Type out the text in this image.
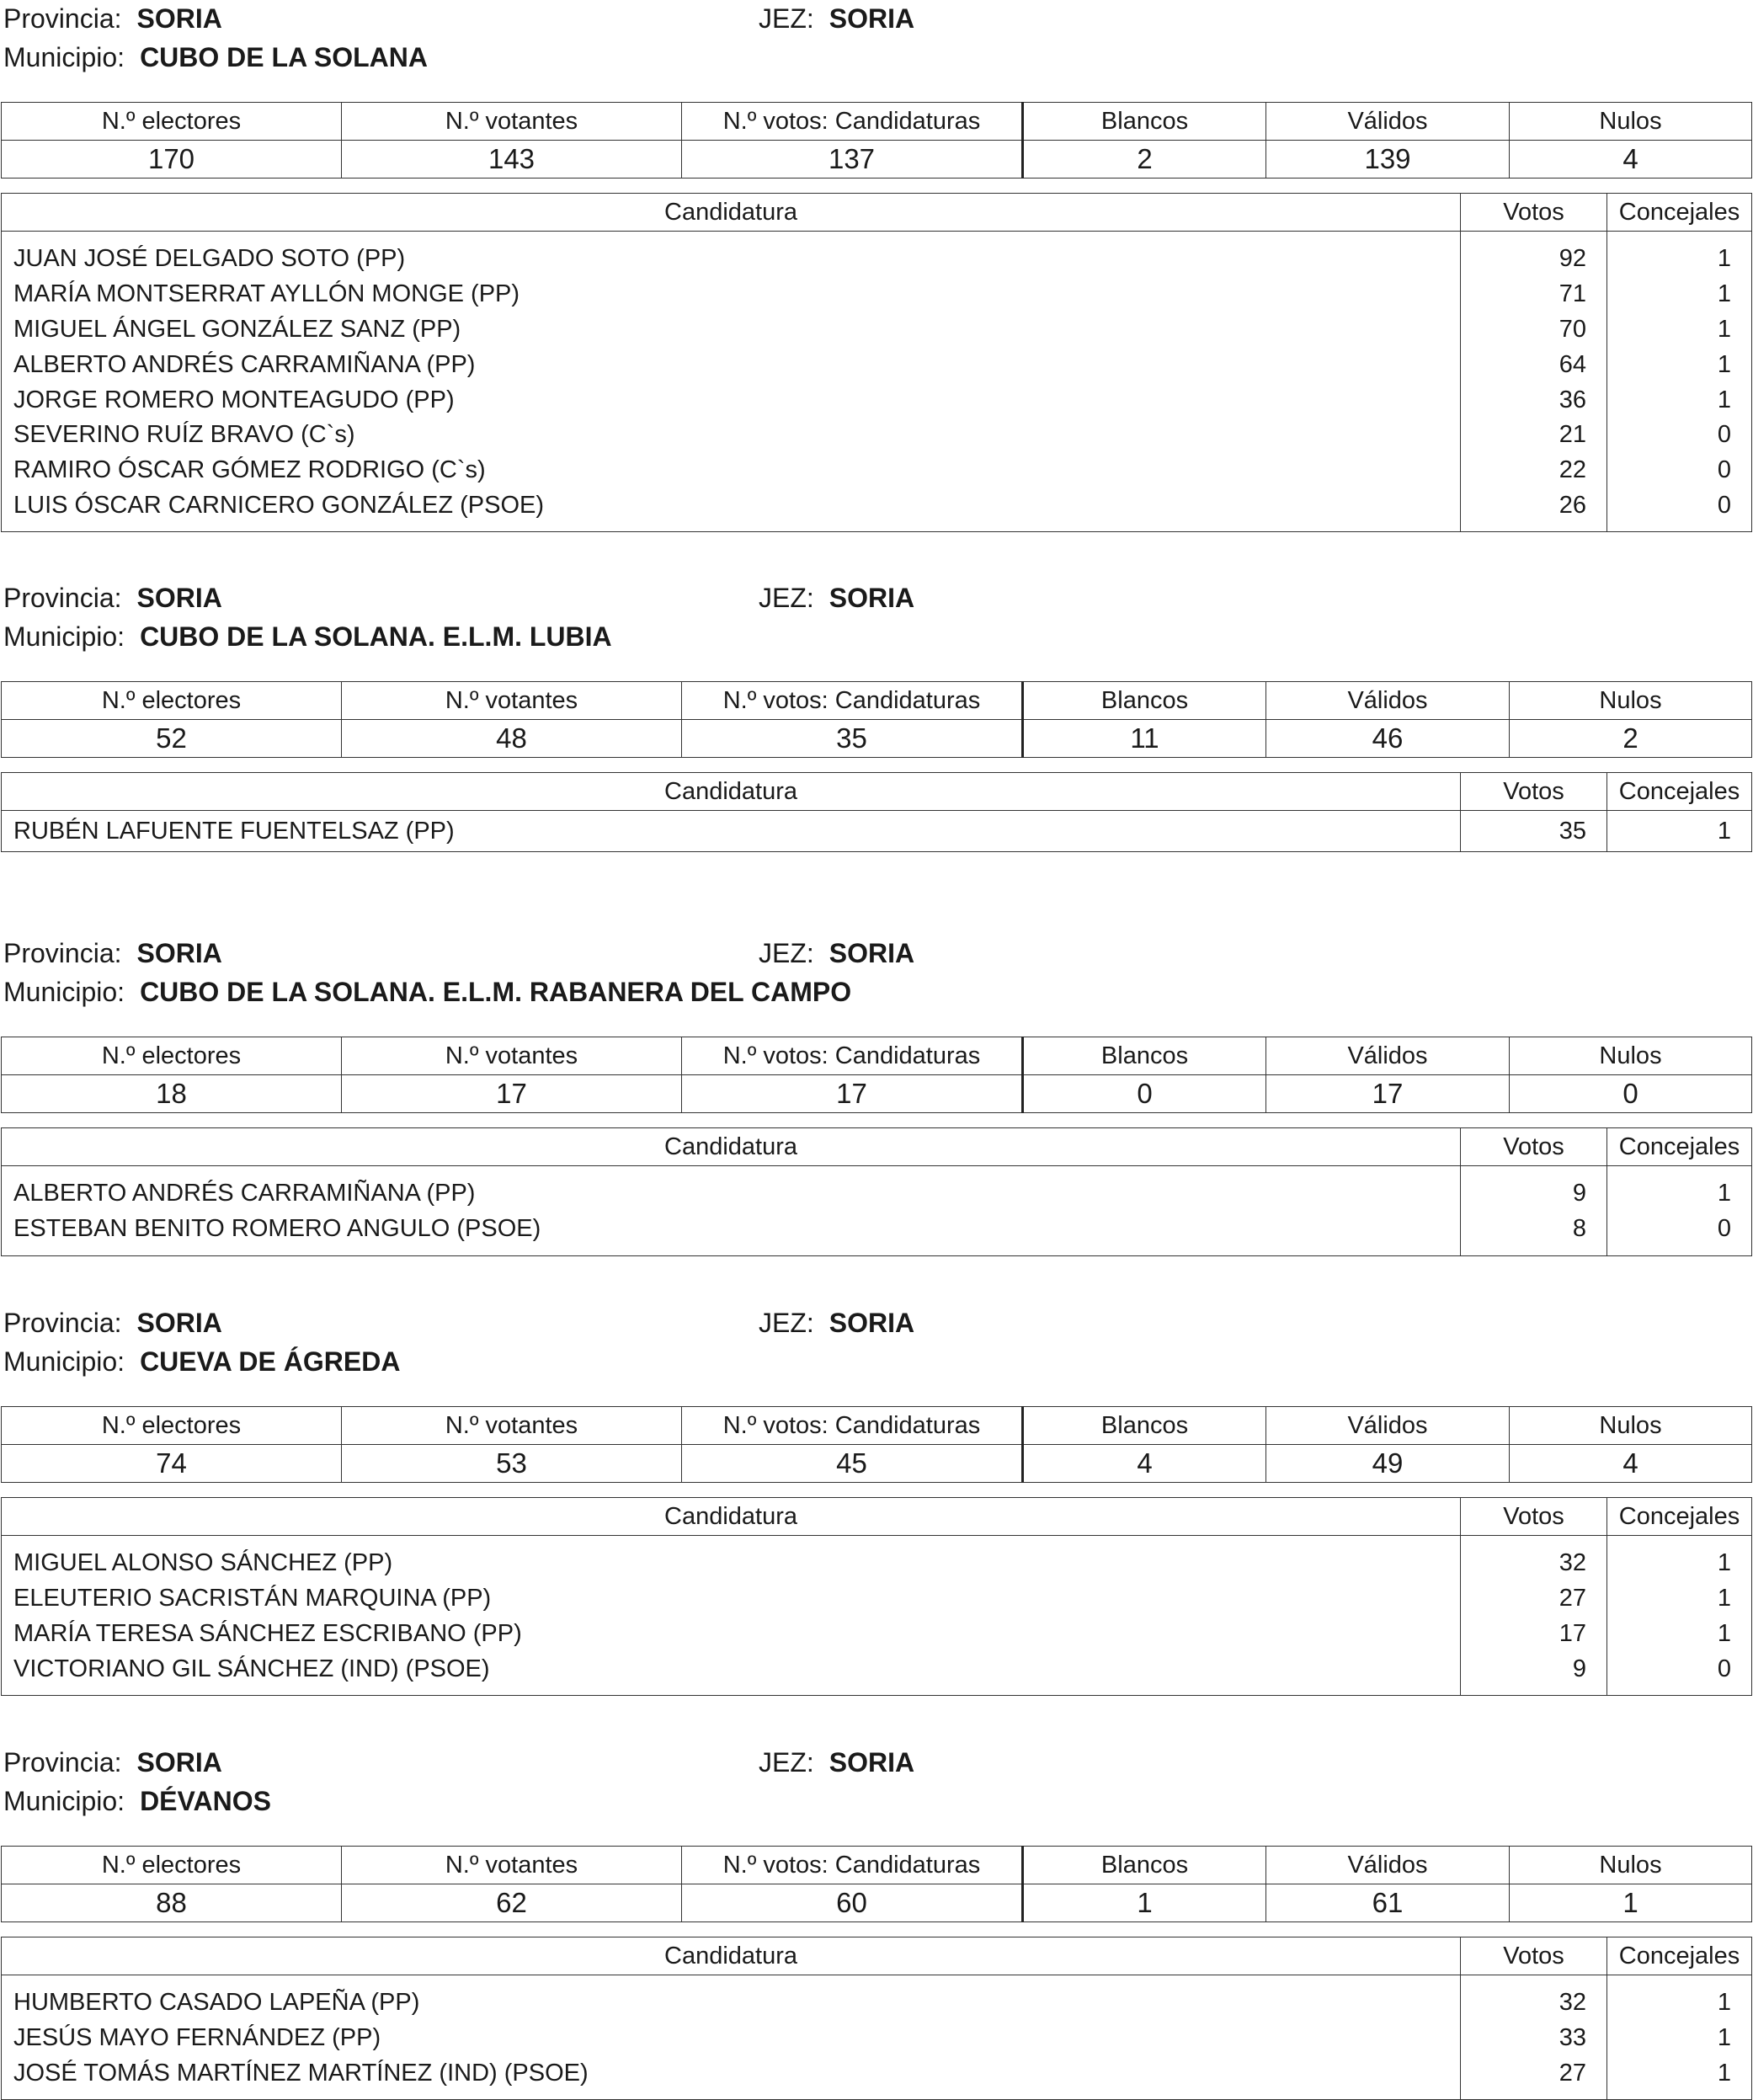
Provincia: SORIA	JEZ: SORIA
Municipio: CUBO DE LA SOLANA
N.º electores	N.º votantes	N.º votos: Candidaturas	Blancos	Válidos	Nulos
170	143	137	2	139	4
Candidatura	Votos	Concejales

JUAN JOSÉ DELGADO SOTO (PP)	92	1
MARÍA MONTSERRAT AYLLÓN MONGE (PP)	71	1
MIGUEL ÁNGEL GONZÁLEZ SANZ (PP)	70	1
ALBERTO ANDRÉS CARRAMIÑANA (PP)	64	1
JORGE ROMERO MONTEAGUDO (PP)	36	1
SEVERINO RUÍZ BRAVO (C`s)	21	0
RAMIRO ÓSCAR GÓMEZ RODRIGO (C`s)	22	0
LUIS ÓSCAR CARNICERO GONZÁLEZ (PSOE)	26	0

Provincia: SORIA	JEZ: SORIA
Municipio: CUBO DE LA SOLANA. E.L.M. LUBIA
N.º electores	N.º votantes	N.º votos: Candidaturas	Blancos	Válidos	Nulos
52	48	35	11	46	2
Candidatura	Votos	Concejales
RUBÉN LAFUENTE FUENTELSAZ (PP)	35	1
Provincia: SORIA	JEZ: SORIA
Municipio: CUBO DE LA SOLANA. E.L.M. RABANERA DEL CAMPO
N.º electores	N.º votantes	N.º votos: Candidaturas	Blancos	Válidos	Nulos
18	17	17	0	17	0
Candidatura	Votos	Concejales

ALBERTO ANDRÉS CARRAMIÑANA (PP)	9	1
ESTEBAN BENITO ROMERO ANGULO (PSOE)	8	0

Provincia: SORIA	JEZ: SORIA
Municipio: CUEVA DE ÁGREDA
N.º electores	N.º votantes	N.º votos: Candidaturas	Blancos	Válidos	Nulos
74	53	45	4	49	4
Candidatura	Votos	Concejales

MIGUEL ALONSO SÁNCHEZ (PP)	32	1
ELEUTERIO SACRISTÁN MARQUINA (PP)	27	1
MARÍA TERESA SÁNCHEZ ESCRIBANO (PP)	17	1
VICTORIANO GIL SÁNCHEZ (IND) (PSOE)	9	0

Provincia: SORIA	JEZ: SORIA
Municipio: DÉVANOS
N.º electores	N.º votantes	N.º votos: Candidaturas	Blancos	Válidos	Nulos
88	62	60	1	61	1
Candidatura	Votos	Concejales

HUMBERTO CASADO LAPEÑA (PP)	32	1
JESÚS MAYO FERNÁNDEZ (PP)	33	1
JOSÉ TOMÁS MARTÍNEZ MARTÍNEZ (IND) (PSOE)	27	1
